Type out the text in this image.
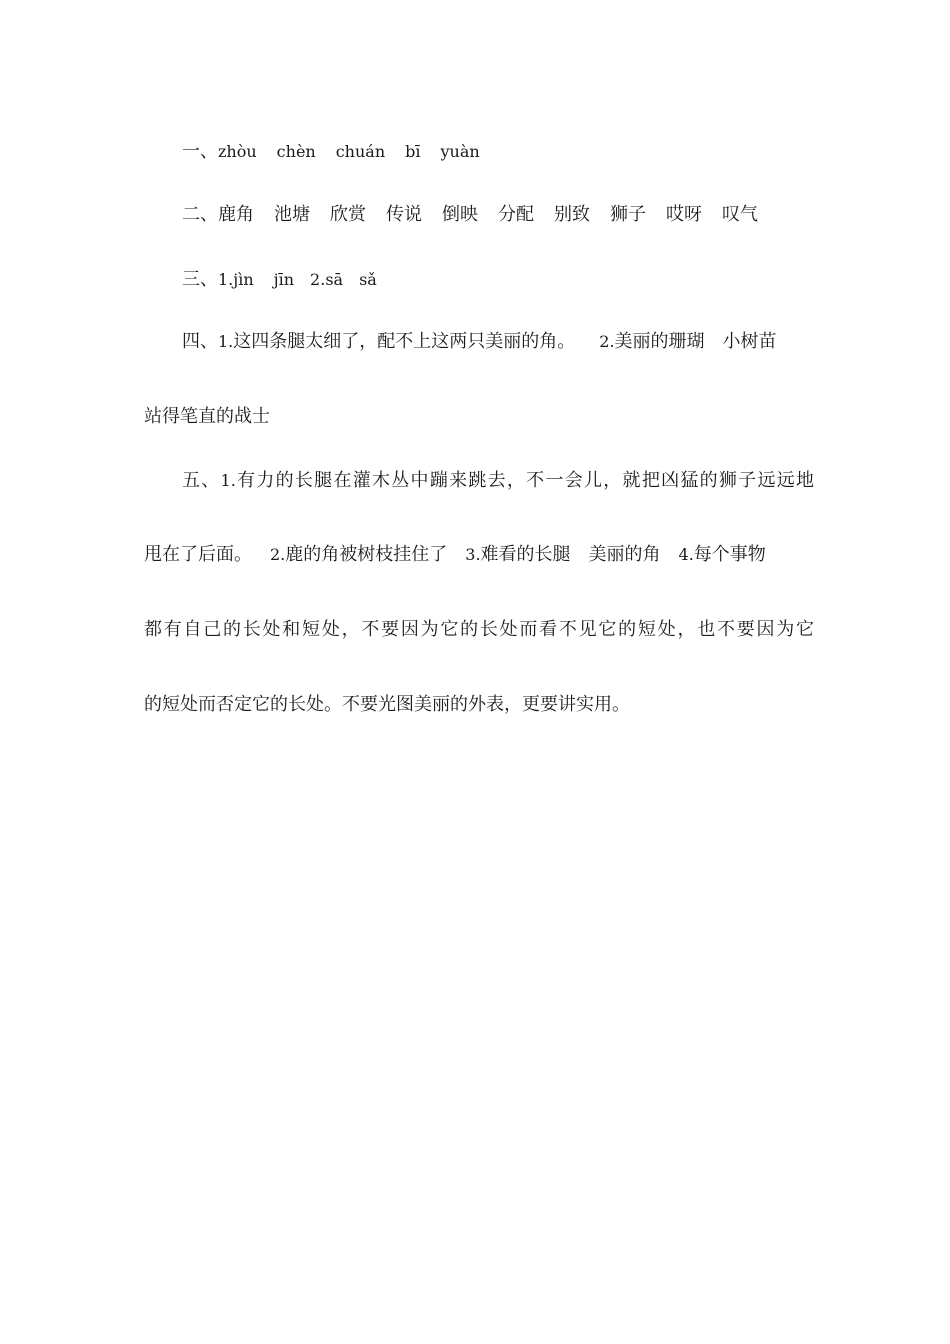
一、zhòu chèn chuán bī yuàn
二、鹿角 池塘 欣赏 传说 倒映 分配 别致 狮子 哎呀 叹气
三、1.jìn jīn 2.sā sǎ
四、1.这四条腿太细了，配不上这两只美丽的角。 2.美丽的珊瑚 小树苗
站得笔直的战士
五、1.有力的长腿在灌木丛中蹦来跳去，不一会儿，就把凶猛的狮子远远地
甩在了后面。 2.鹿的角被树枝挂住了 3.难看的长腿 美丽的角 4.每个事物
都有自己的长处和短处，不要因为它的长处而看不见它的短处，也不要因为它
的短处而否定它的长处。不要光图美丽的外表，更要讲实用。
